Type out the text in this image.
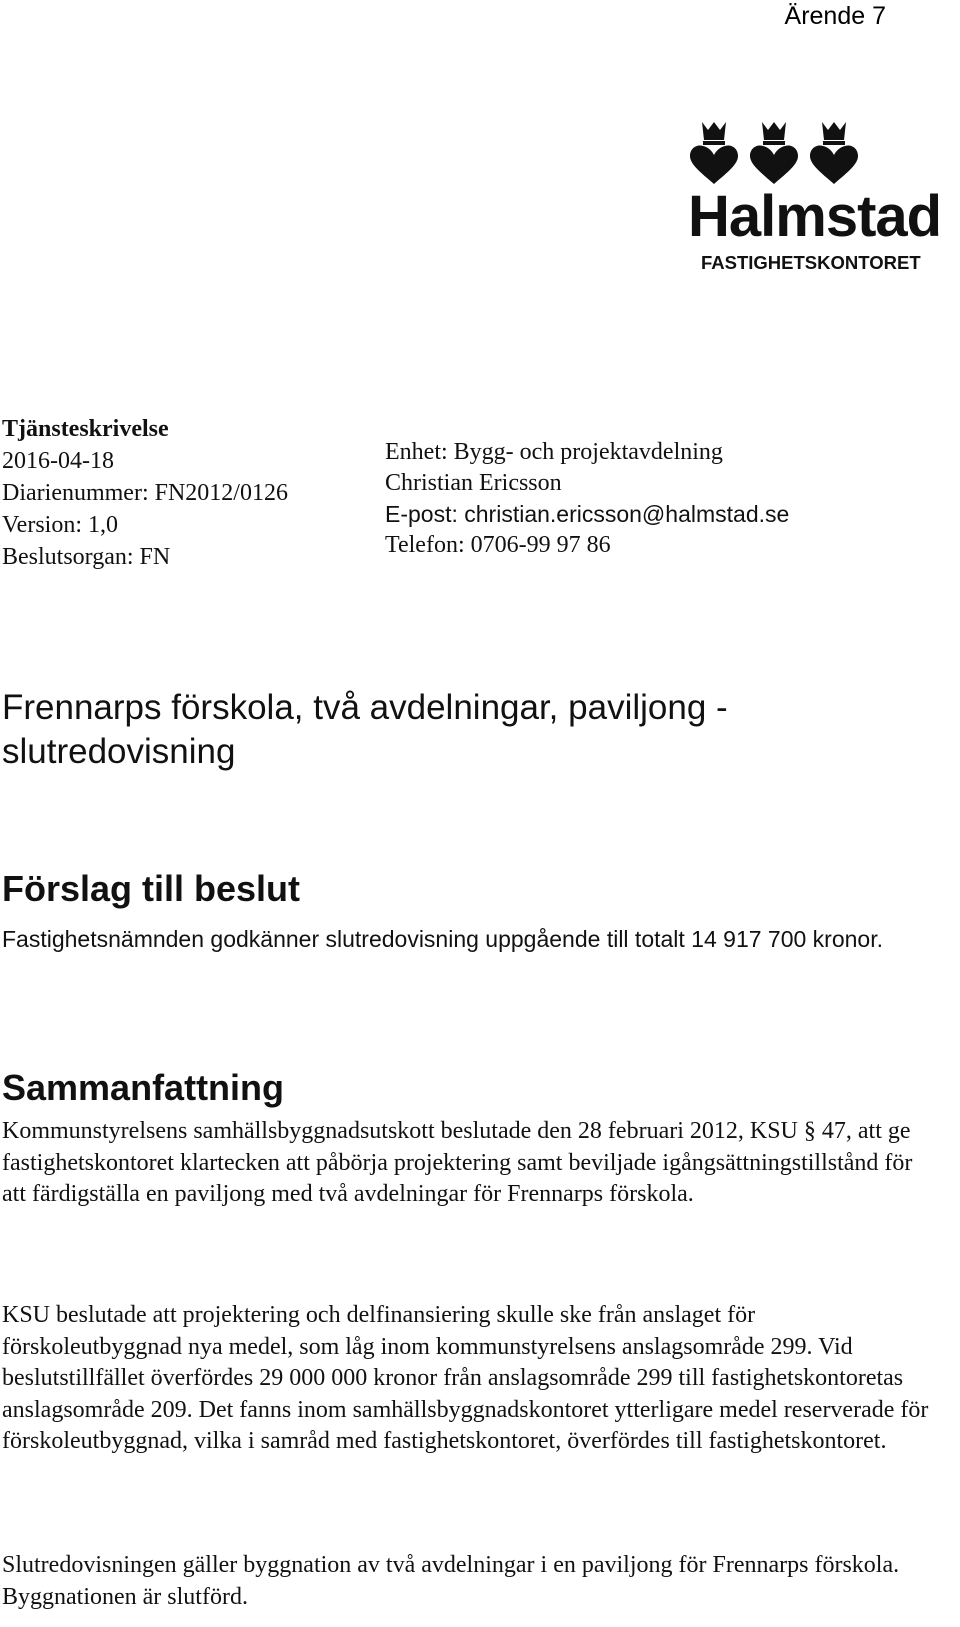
Ärende 7
Halmstad
FASTIGHETSKONTORET
Tjänsteskrivelse
2016-04-18
Diarienummer: FN2012/0126
Version: 1,0
Beslutsorgan: FN
Enhet: Bygg- och projektavdelning
Christian Ericsson
E-post: christian.ericsson@halmstad.se
Telefon: 0706-99 97 86
Frennarps förskola, två avdelningar, paviljong - slutredovisning
Förslag till beslut

Fastighetsnämnden godkänner slutredovisning uppgående till totalt 14 917 700 kronor.

Sammanfattning

Kommunstyrelsens samhällsbyggnadsutskott beslutade den 28 februari 2012, KSU § 47, att ge fastighetskontoret klartecken att påbörja projektering samt beviljade igångsättningstillstånd för att färdigställa en paviljong med två avdelningar för Frennarps förskola.

KSU beslutade att projektering och delfinansiering skulle ske från anslaget för förskoleutbyggnad nya medel, som låg inom kommunstyrelsens anslagsområde 299. Vid beslutstillfället överfördes 29 000 000 kronor från anslagsområde 299 till fastighetskontoretas anslagsområde 209. Det fanns inom samhällsbyggnadskontoret ytterligare medel reserverade för förskoleutbyggnad, vilka i samråd med fastighetskontoret, överfördes till fastighetskontoret.

Slutredovisningen gäller byggnation av två avdelningar i en paviljong för Frennarps förskola. Byggnationen är slutförd.
